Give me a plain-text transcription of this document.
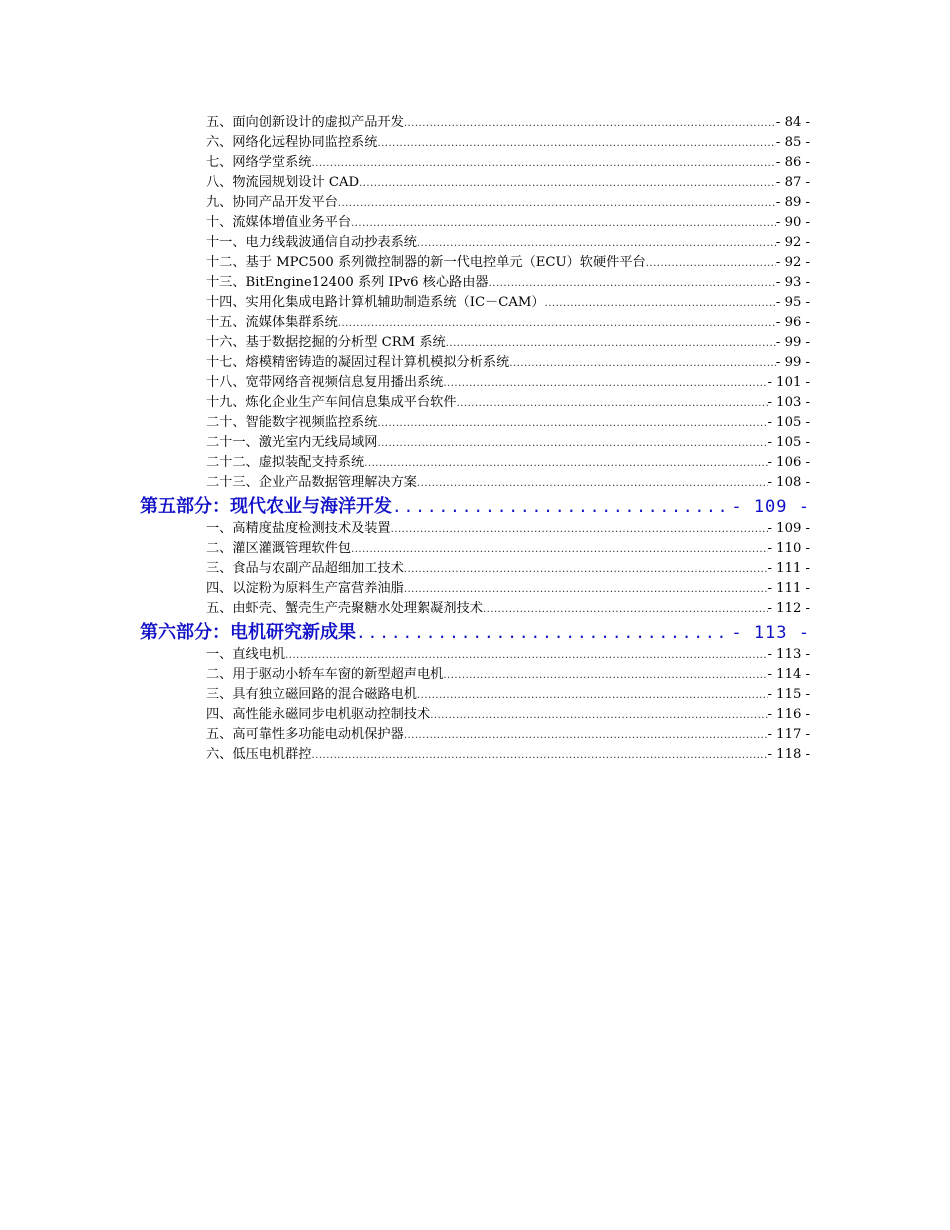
五、面向创新设计的虚拟产品开发 .....	- 84 -
六、网络化远程协同监控系统 .....	- 85 -
七、网络学堂系统 .....	- 86 -
八、物流园规划设计 CAD .....	- 87 -
九、协同产品开发平台 .....	- 89 -
十、流媒体增值业务平台 .....	- 90 -
十一、电力线载波通信自动抄表系统 .....	- 92 -
十二、基于 MPC500 系列微控制器的新一代电控单元（ECU）软硬件平台 .....	- 92 -
十三、BitEngine12400 系列 IPv6 核心路由器 .....	- 93 -
十四、实用化集成电路计算机辅助制造系统（IC－CAM） .....	- 95 -
十五、流媒体集群系统 .....	- 96 -
十六、基于数据挖掘的分析型 CRM 系统 .....	- 99 -
十七、熔模精密铸造的凝固过程计算机模拟分析系统 .....	- 99 -
十八、宽带网络音视频信息复用播出系统 .....	- 101 -
十九、炼化企业生产车间信息集成平台软件 .....	- 103 -
二十、智能数字视频监控系统 .....	- 105 -
二十一、激光室内无线局域网 .....	- 105 -
二十二、虚拟装配支持系统 .....	- 106 -
二十三、企业产品数据管理解决方案 .....	- 108 -
第五部分：现代农业与海洋开发 .....	- 109 -
一、高精度盐度检测技术及装置 .....	- 109 -
二、灌区灌溉管理软件包 .....	- 110 -
三、食品与农副产品超细加工技术 .....	- 111 -
四、以淀粉为原料生产富营养油脂 .....	- 111 -
五、由虾壳、蟹壳生产壳聚糖水处理絮凝剂技术 .....	- 112 -
第六部分：电机研究新成果 .....	- 113 -
一、直线电机 .....	- 113 -
二、用于驱动小轿车车窗的新型超声电机 .....	- 114 -
三、具有独立磁回路的混合磁路电机 .....	- 115 -
四、高性能永磁同步电机驱动控制技术 .....	- 116 -
五、高可靠性多功能电动机保护器 .....	- 117 -
六、低压电机群控 .....	- 118 -
